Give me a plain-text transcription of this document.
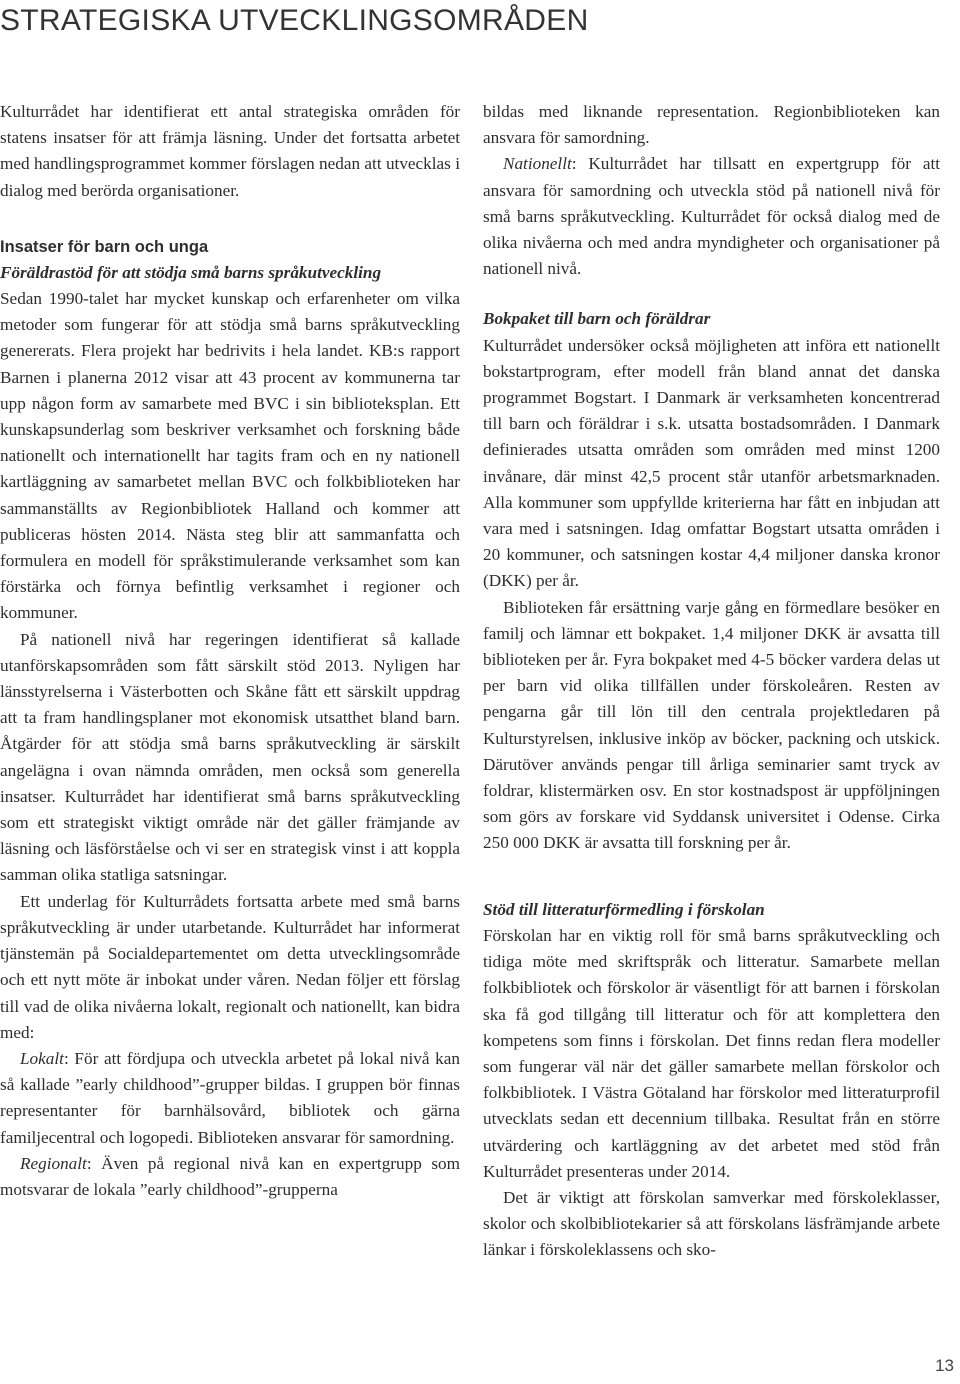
STRATEGISKA UTVECKLINGSOMRÅDEN

Kulturrådet har identifierat ett antal strategiska områden för statens insatser för att främja läsning. Under det fortsatta arbetet med handlingsprogrammet kommer förslagen nedan att utvecklas i dialog med berörda organisationer.

Insatser för barn och unga

Föräldrastöd för att stödja små barns språkutveckling

Sedan 1990-talet har mycket kunskap och erfarenheter om vilka metoder som fungerar för att stödja små barns språkutveckling genererats. Flera projekt har bedrivits i hela landet. KB:s rapport Barnen i planerna 2012 visar att 43 procent av kommunerna tar upp någon form av samarbete med BVC i sin biblioteksplan. Ett kunskapsunderlag som beskriver verksamhet och forskning både nationellt och internationellt har tagits fram och en ny nationell kartläggning av samarbetet mellan BVC och folkbiblioteken har sammanställts av Regionbibliotek Halland och kommer att publiceras hösten 2014. Nästa steg blir att sammanfatta och formulera en modell för språkstimulerande verksamhet som kan förstärka och förnya befintlig verksamhet i regioner och kommuner.

På nationell nivå har regeringen identifierat så kallade utanförskapsområden som fått särskilt stöd 2013. Nyligen har länsstyrelserna i Västerbotten och Skåne fått ett särskilt uppdrag att ta fram handlingsplaner mot ekonomisk utsatthet bland barn. Åtgärder för att stödja små barns språkutveckling är särskilt angelägna i ovan nämnda områden, men också som generella insatser. Kulturrådet har identifierat små barns språkutveckling som ett strategiskt viktigt område när det gäller främjande av läsning och läsförståelse och vi ser en strategisk vinst i att koppla samman olika statliga satsningar.

Ett underlag för Kulturrådets fortsatta arbete med små barns språkutveckling är under utarbetande. Kulturrådet har informerat tjänstemän på Socialdepartementet om detta utvecklingsområde och ett nytt möte är inbokat under våren. Nedan följer ett förslag till vad de olika nivåerna lokalt, regionalt och nationellt, kan bidra med:

Lokalt: För att fördjupa och utveckla arbetet på lokal nivå kan så kallade ”early childhood”-grupper bildas. I gruppen bör finnas representanter för barnhälsovård, bibliotek och gärna familjecentral och logopedi. Biblioteken ansvarar för samordning.

Regionalt: Även på regional nivå kan en expertgrupp som motsvarar de lokala ”early childhood”-grupperna

bildas med liknande representation. Regionbiblioteken kan ansvara för samordning.

Nationellt: Kulturrådet har tillsatt en expertgrupp för att ansvara för samordning och utveckla stöd på nationell nivå för små barns språkutveckling. Kulturrådet för också dialog med de olika nivåerna och med andra myndigheter och organisationer på nationell nivå.

Bokpaket till barn och föräldrar

Kulturrådet undersöker också möjligheten att införa ett nationellt bokstartprogram, efter modell från bland annat det danska programmet Bogstart. I Danmark är verksamheten koncentrerad till barn och föräldrar i s.k. utsatta bostadsområden. I Danmark definierades utsatta områden som områden med minst 1200 invånare, där minst 42,5 procent står utanför arbetsmarknaden. Alla kommuner som uppfyllde kriterierna har fått en inbjudan att vara med i satsningen. Idag omfattar Bogstart utsatta områden i 20 kommuner, och satsningen kostar 4,4 miljoner danska kronor (DKK) per år.

Biblioteken får ersättning varje gång en förmedlare besöker en familj och lämnar ett bokpaket. 1,4 miljoner DKK är avsatta till biblioteken per år. Fyra bokpaket med 4-5 böcker vardera delas ut per barn vid olika tillfällen under förskoleåren. Resten av pengarna går till lön till den centrala projektledaren på Kulturstyrelsen, inklusive inköp av böcker, packning och utskick. Därutöver används pengar till årliga seminarier samt tryck av foldrar, klistermärken osv. En stor kostnadspost är uppföljningen som görs av forskare vid Syddansk universitet i Odense. Cirka 250 000 DKK är avsatta till forskning per år.

Stöd till litteraturförmedling i förskolan

Förskolan har en viktig roll för små barns språkutveckling och tidiga möte med skriftspråk och litteratur. Samarbete mellan folkbibliotek och förskolor är väsentligt för att barnen i förskolan ska få god tillgång till litteratur och för att komplettera den kompetens som finns i förskolan. Det finns redan flera modeller som fungerar väl när det gäller samarbete mellan förskolor och folkbibliotek. I Västra Götaland har förskolor med litteraturprofil utvecklats sedan ett decennium tillbaka. Resultat från en större utvärdering och kartläggning av det arbetet med stöd från Kulturrådet presenteras under 2014.

Det är viktigt att förskolan samverkar med förskoleklasser, skolor och skolbibliotekarier så att förskolans läsfrämjande arbete länkar i förskoleklassens och sko-

13
